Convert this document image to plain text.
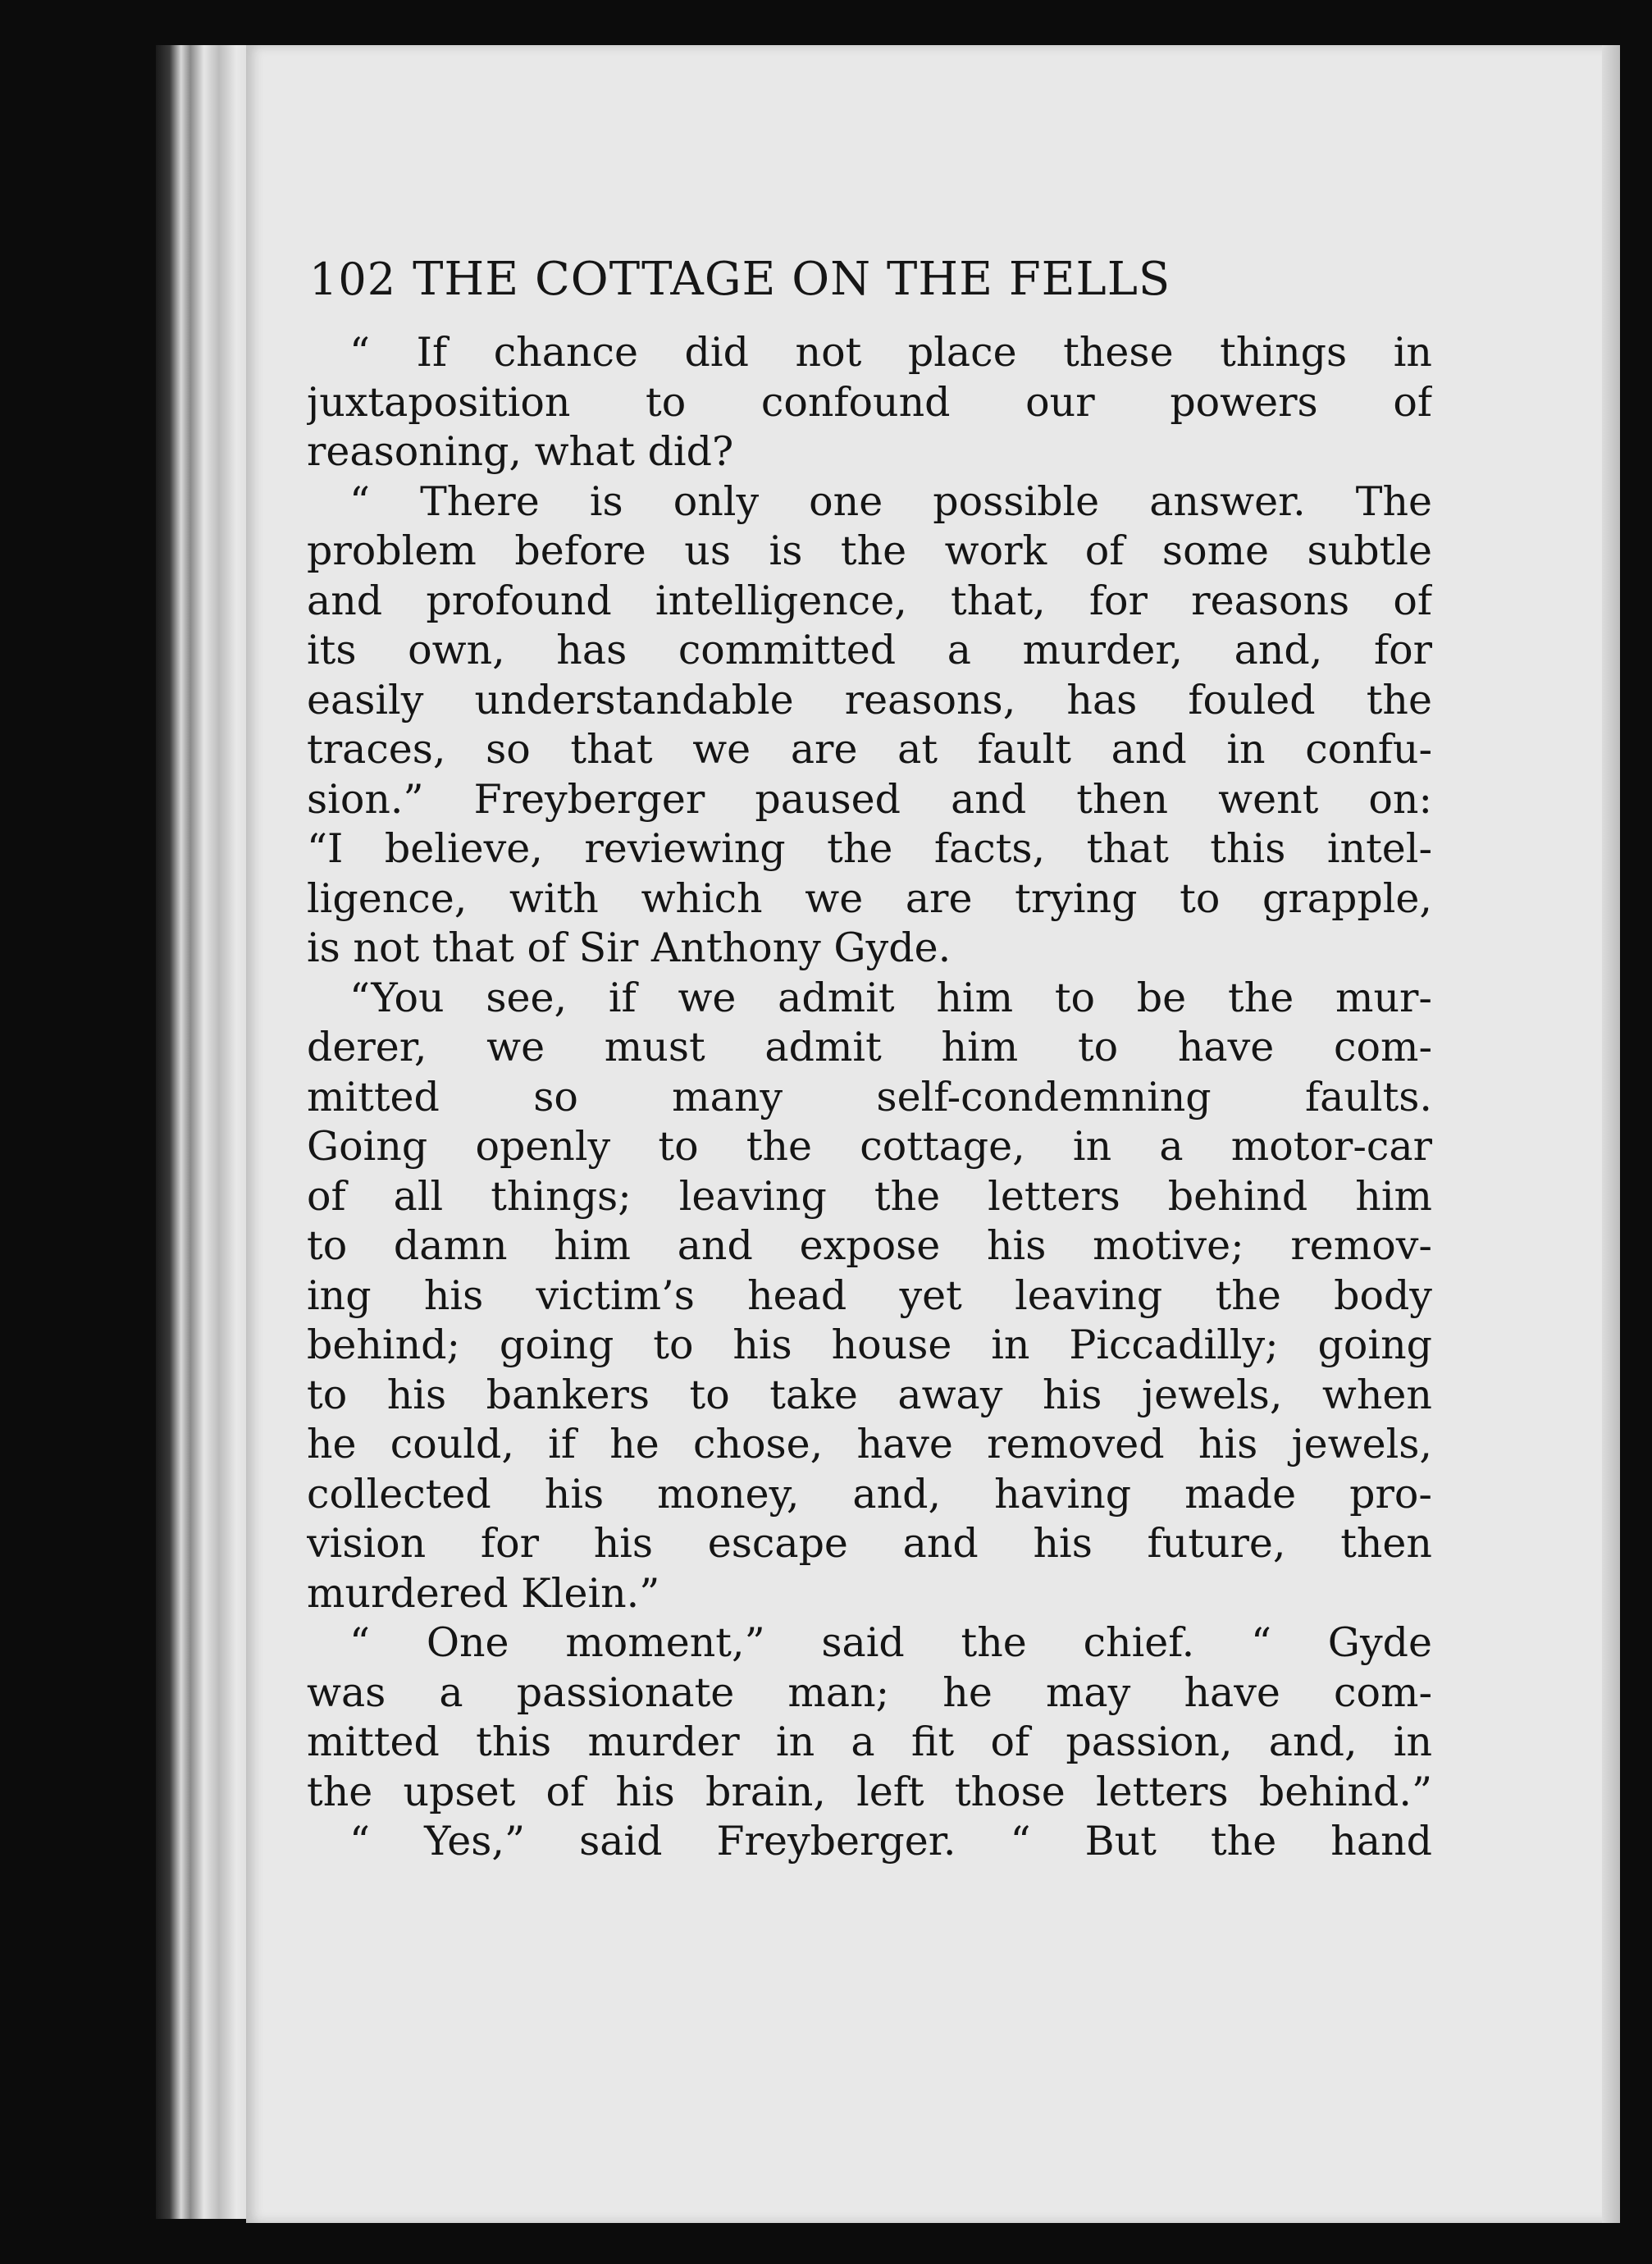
102 THE COTTAGE ON THE FELLS
“ If chance did not place these things in
juxtaposition to confound our powers of
reasoning, what did?
“ There is only one possible answer. The
problem before us is the work of some subtle
and profound intelligence, that, for reasons of
its own, has committed a murder, and, for
easily understandable reasons, has fouled the
traces, so that we are at fault and in confu-
sion.” Freyberger paused and then went on:
“I believe, reviewing the facts, that this intel-
ligence, with which we are trying to grapple,
is not that of Sir Anthony Gyde.
“You see, if we admit him to be the mur-
derer, we must admit him to have com-
mitted so many self-condemning faults.
Going openly to the cottage, in a motor-car
of all things; leaving the letters behind him
to damn him and expose his motive; remov-
ing his victim’s head yet leaving the body
behind; going to his house in Piccadilly; going
to his bankers to take away his jewels, when
he could, if he chose, have removed his jewels,
collected his money, and, having made pro-
vision for his escape and his future, then
murdered Klein.”
“ One moment,” said the chief. “ Gyde
was a passionate man; he may have com-
mitted this murder in a fit of passion, and, in
the upset of his brain, left those letters behind.”
“ Yes,” said Freyberger. “ But the hand
